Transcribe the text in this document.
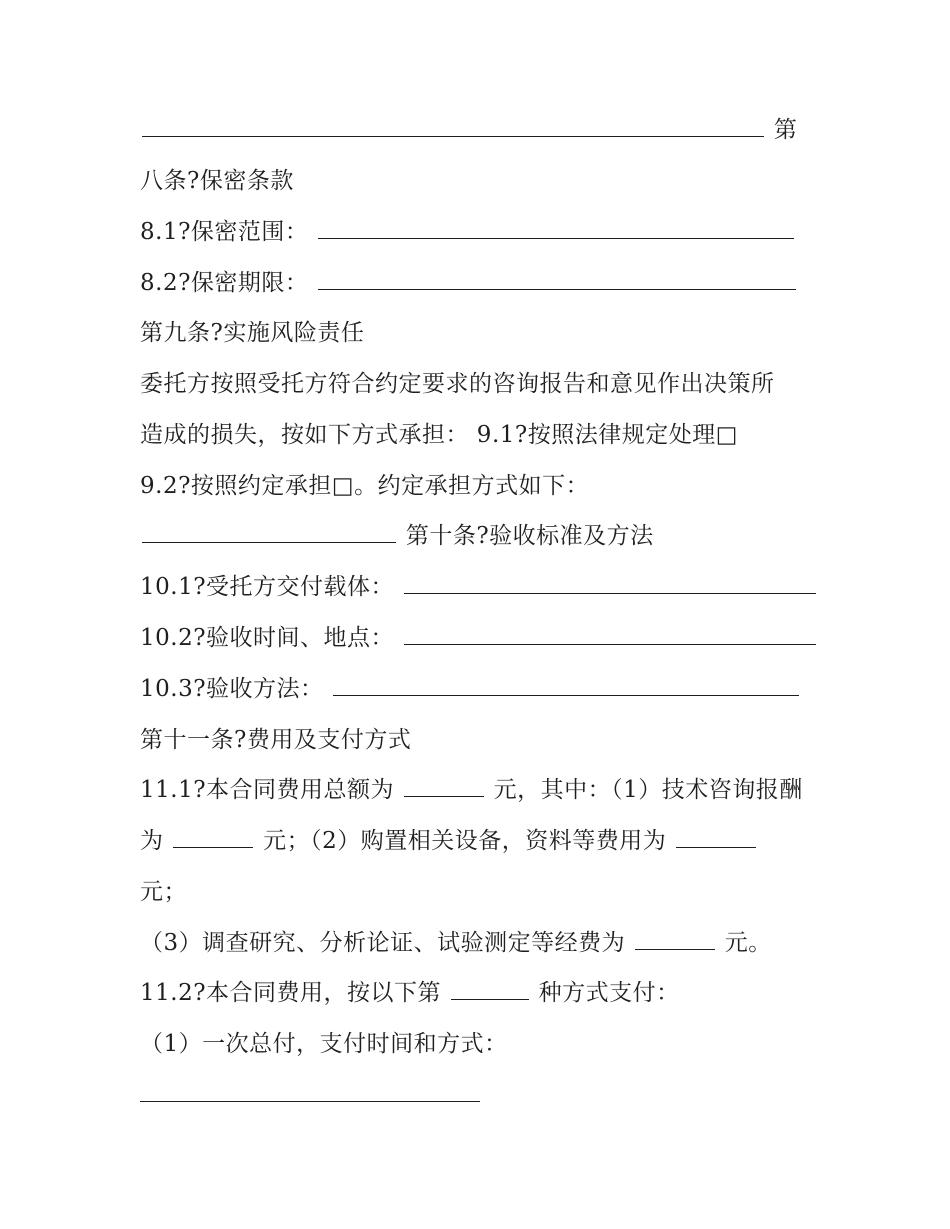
第
八条?保密条款
8.1?保密范围：
8.2?保密期限：
第九条?实施风险责任
委托方按照受托方符合约定要求的咨询报告和意见作出决策所
造成的损失，按如下方式承担： 9.1?按照法律规定处理□
9.2?按照约定承担□。约定承担方式如下：
第十条?验收标准及方法
10.1?受托方交付载体：
10.2?验收时间、地点：
10.3?验收方法：
第十一条?费用及支付方式
11.1?本合同费用总额为	元，其中：（1）技术咨询报酬
为	元；（2）购置相关设备，资料等费用为
元；
（3）调查研究、分析论证、试验测定等经费为	元。
11.2?本合同费用，按以下第	种方式支付：
（1）一次总付，支付时间和方式：
